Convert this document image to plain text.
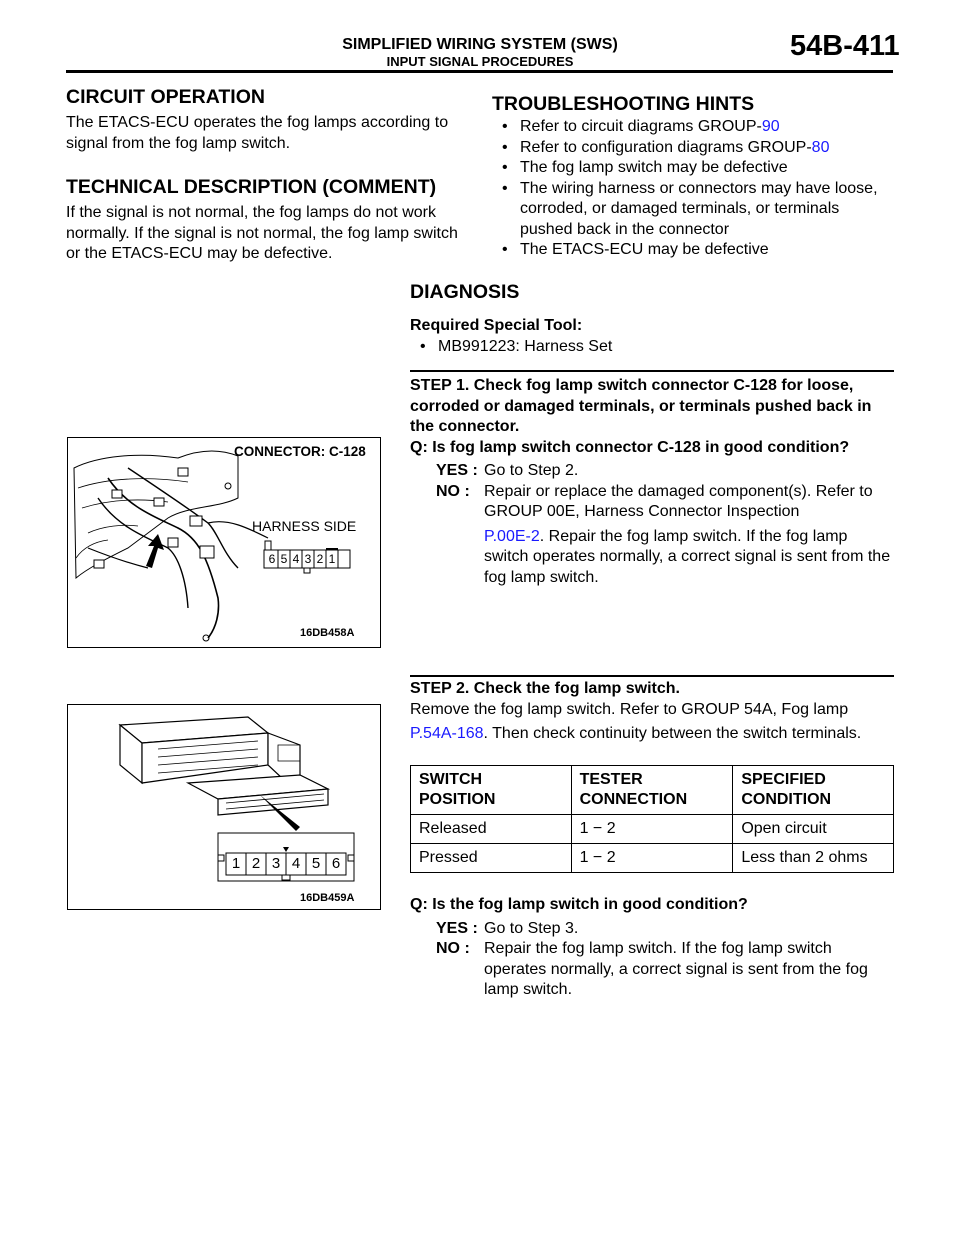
SIMPLIFIED WIRING SYSTEM (SWS)
INPUT SIGNAL PROCEDURES	54B-411
CIRCUIT OPERATION
The ETACS-ECU operates the fog lamps according to signal from the fog lamp switch.
TECHNICAL DESCRIPTION (COMMENT)
If the signal is not normal, the fog lamps do not work normally. If the signal is not normal, the fog lamp switch or the ETACS-ECU may be defective.
TROUBLESHOOTING HINTS
• Refer to circuit diagrams GROUP-90
• Refer to configuration diagrams GROUP-80
• The fog lamp switch may be defective
• The wiring harness or connectors may have loose, corroded, or damaged terminals, or terminals pushed back in the connector
• The ETACS-ECU may be defective
DIAGNOSIS
Required Special Tool:
• MB991223: Harness Set
STEP 1. Check fog lamp switch connector C-128 for loose, corroded or damaged terminals, or terminals pushed back in the connector.
Q: Is fog lamp switch connector C-128 in good condition?
YES : Go to Step 2.
NO : Repair or replace the damaged component(s). Refer to GROUP 00E, Harness Connector Inspection
P.00E-2. Repair the fog lamp switch. If the fog lamp switch operates normally, a correct signal is sent from the fog lamp switch.
CONNECTOR: C-128
HARNESS SIDE
6 5 4 3 2 1
16DB458A
STEP 2. Check the fog lamp switch.
Remove the fog lamp switch. Refer to GROUP 54A, Fog lamp
P.54A-168. Then check continuity between the switch terminals.
SWITCH POSITION	TESTER CONNECTION	SPECIFIED CONDITION
Released	1 − 2	Open circuit
Pressed	1 − 2	Less than 2 ohms
Q: Is the fog lamp switch in good condition?
YES : Go to Step 3.
NO : Repair the fog lamp switch. If the fog lamp switch operates normally, a correct signal is sent from the fog lamp switch.
1 2 3 4 5 6
16DB459A
